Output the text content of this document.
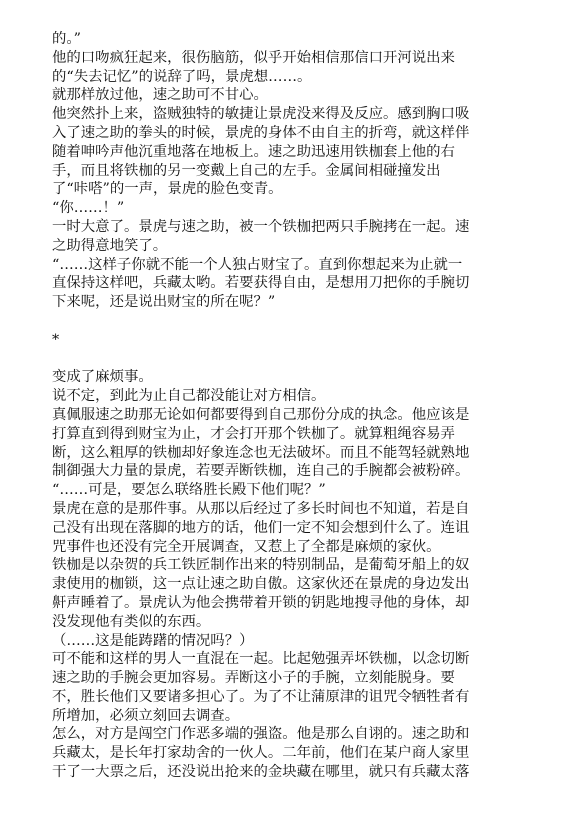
的。”
他的口吻疯狂起来，很伤脑筋，似乎开始相信那信口开河说出来
的“失去记忆”的说辞了吗，景虎想……。
就那样放过他，速之助可不甘心。
他突然扑上来，盗贼独特的敏捷让景虎没来得及反应。感到胸口吸
入了速之助的拳头的时候，景虎的身体不由自主的折弯，就这样伴
随着呻吟声他沉重地落在地板上。速之助迅速用铁枷套上他的右
手，而且将铁枷的另一变戴上自己的左手。金属间相碰撞发出
了“咔嗒”的一声，景虎的脸色变青。
“你……！”
一时大意了。景虎与速之助，被一个铁枷把两只手腕拷在一起。速
之助得意地笑了。
“……这样子你就不能一个人独占财宝了。直到你想起来为止就一
直保持这样吧，兵藏太哟。若要获得自由，是想用刀把你的手腕切
下来呢，还是说出财宝的所在呢？”
*
变成了麻烦事。
说不定，到此为止自己都没能让对方相信。
真佩服速之助那无论如何都要得到自己那份分成的执念。他应该是
打算直到得到财宝为止，才会打开那个铁枷了。就算粗绳容易弄
断，这么粗厚的铁枷却好象连念也无法破坏。而且不能驾轻就熟地
制御强大力量的景虎，若要弄断铁枷，连自己的手腕都会被粉碎。
“……可是，要怎么联络胜长殿下他们呢？”
景虎在意的是那件事。从那以后经过了多长时间也不知道，若是自
己没有出现在落脚的地方的话，他们一定不知会想到什么了。连诅
咒事件也还没有完全开展调查，又惹上了全都是麻烦的家伙。
铁枷是以杂贺的兵工铁匠制作出来的特别制品，是葡萄牙船上的奴
隶使用的枷锁，这一点让速之助自傲。这家伙还在景虎的身边发出
鼾声睡着了。景虎认为他会携带着开锁的钥匙地搜寻他的身体，却
没发现他有类似的东西。
（……这是能踌躇的情况吗？）
可不能和这样的男人一直混在一起。比起勉强弄坏铁枷，以念切断
速之助的手腕会更加容易。弄断这小子的手腕，立刻能脱身。要
不，胜长他们又要诸多担心了。为了不让蒲原津的诅咒令牺牲者有
所增加，必须立刻回去调查。
怎么，对方是闯空门作恶多端的强盗。他是那么自诩的。速之助和
兵藏太，是长年打家劫舍的一伙人。二年前，他们在某户商人家里
干了一大票之后，还没说出抢来的金块藏在哪里，就只有兵藏太落
